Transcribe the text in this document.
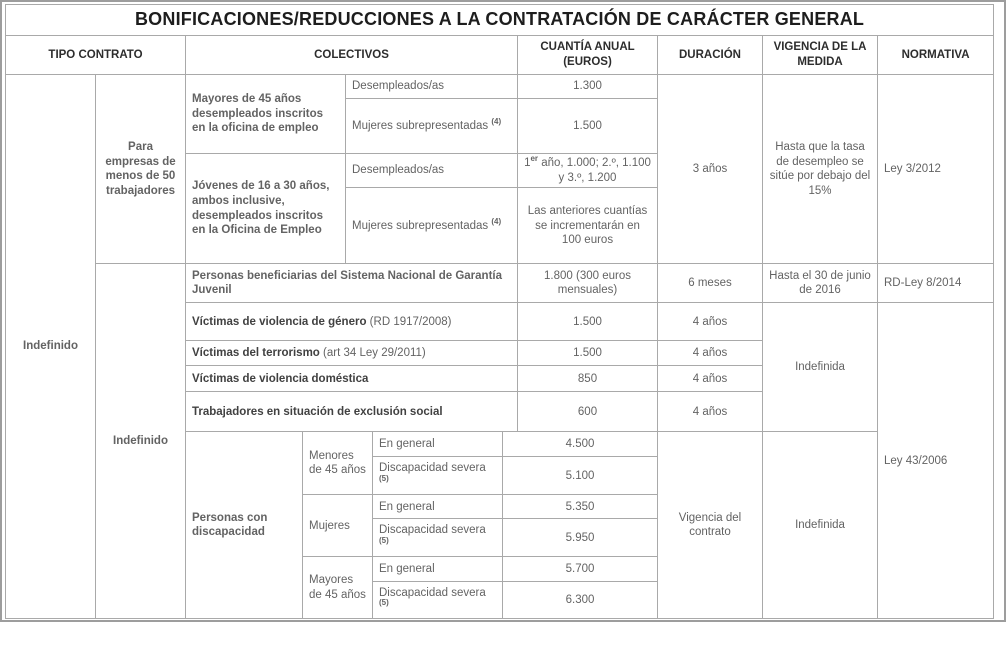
BONIFICACIONES/REDUCCIONES A LA CONTRATACIÓN DE CARÁCTER GENERAL										
TIPO CONTRATO		COLECTIVOS					CUANTÍA ANUAL (EUROS)	DURACIÓN	VIGENCIA DE LA MEDIDA	NORMATIVA
Indefinido	Para empresas de menos de 50 trabajadores	Mayores de 45 años desempleados inscritos en la oficina de empleo		Desempleados/as			1.300	3 años	Hasta que la tasa de desempleo se sitúe por debajo del 15%	Ley 3/2012
				Mujeres subrepresentadas $^{(4)}$			1.500			
		Jóvenes de 16 a 30 años, ambos inclusive, desempleados inscritos en la Oficina de Empleo		Desempleados/as			1er año, 1.000; 2.º, 1.100 y 3.º, 1.200			
				Mujeres subrepresentadas $^{(4)}$			Las anteriores cuantías se incrementarán en 100 euros			
	Indefinido	Personas beneficiarias del Sistema Nacional de Garantía Juvenil					1.800 (300 euros mensuales)	6 meses	Hasta el 30 de junio de 2016	RD-Ley 8/2014
		Víctimas de violencia de género (RD 1917/2008)					1.500	4 años	Indefinida	Ley 43/2006
		Víctimas del terrorismo (art 34 Ley 29/2011)					1.500	4 años		
		Víctimas de violencia doméstica					850	4 años		
		Trabajadores en situación de exclusión social					600	4 años		
		Personas con discapacidad	Menores de 45 años		En general	4.500		Vigencia del contrato	Indefinida	
					Discapacidad severa $^{(5)}$	5.100				
			Mujeres		En general	5.350				
					Discapacidad severa $^{(5)}$	5.950				
			Mayores de 45 años		En general	5.700				
					Discapacidad severa $^{(5)}$	6.300				
